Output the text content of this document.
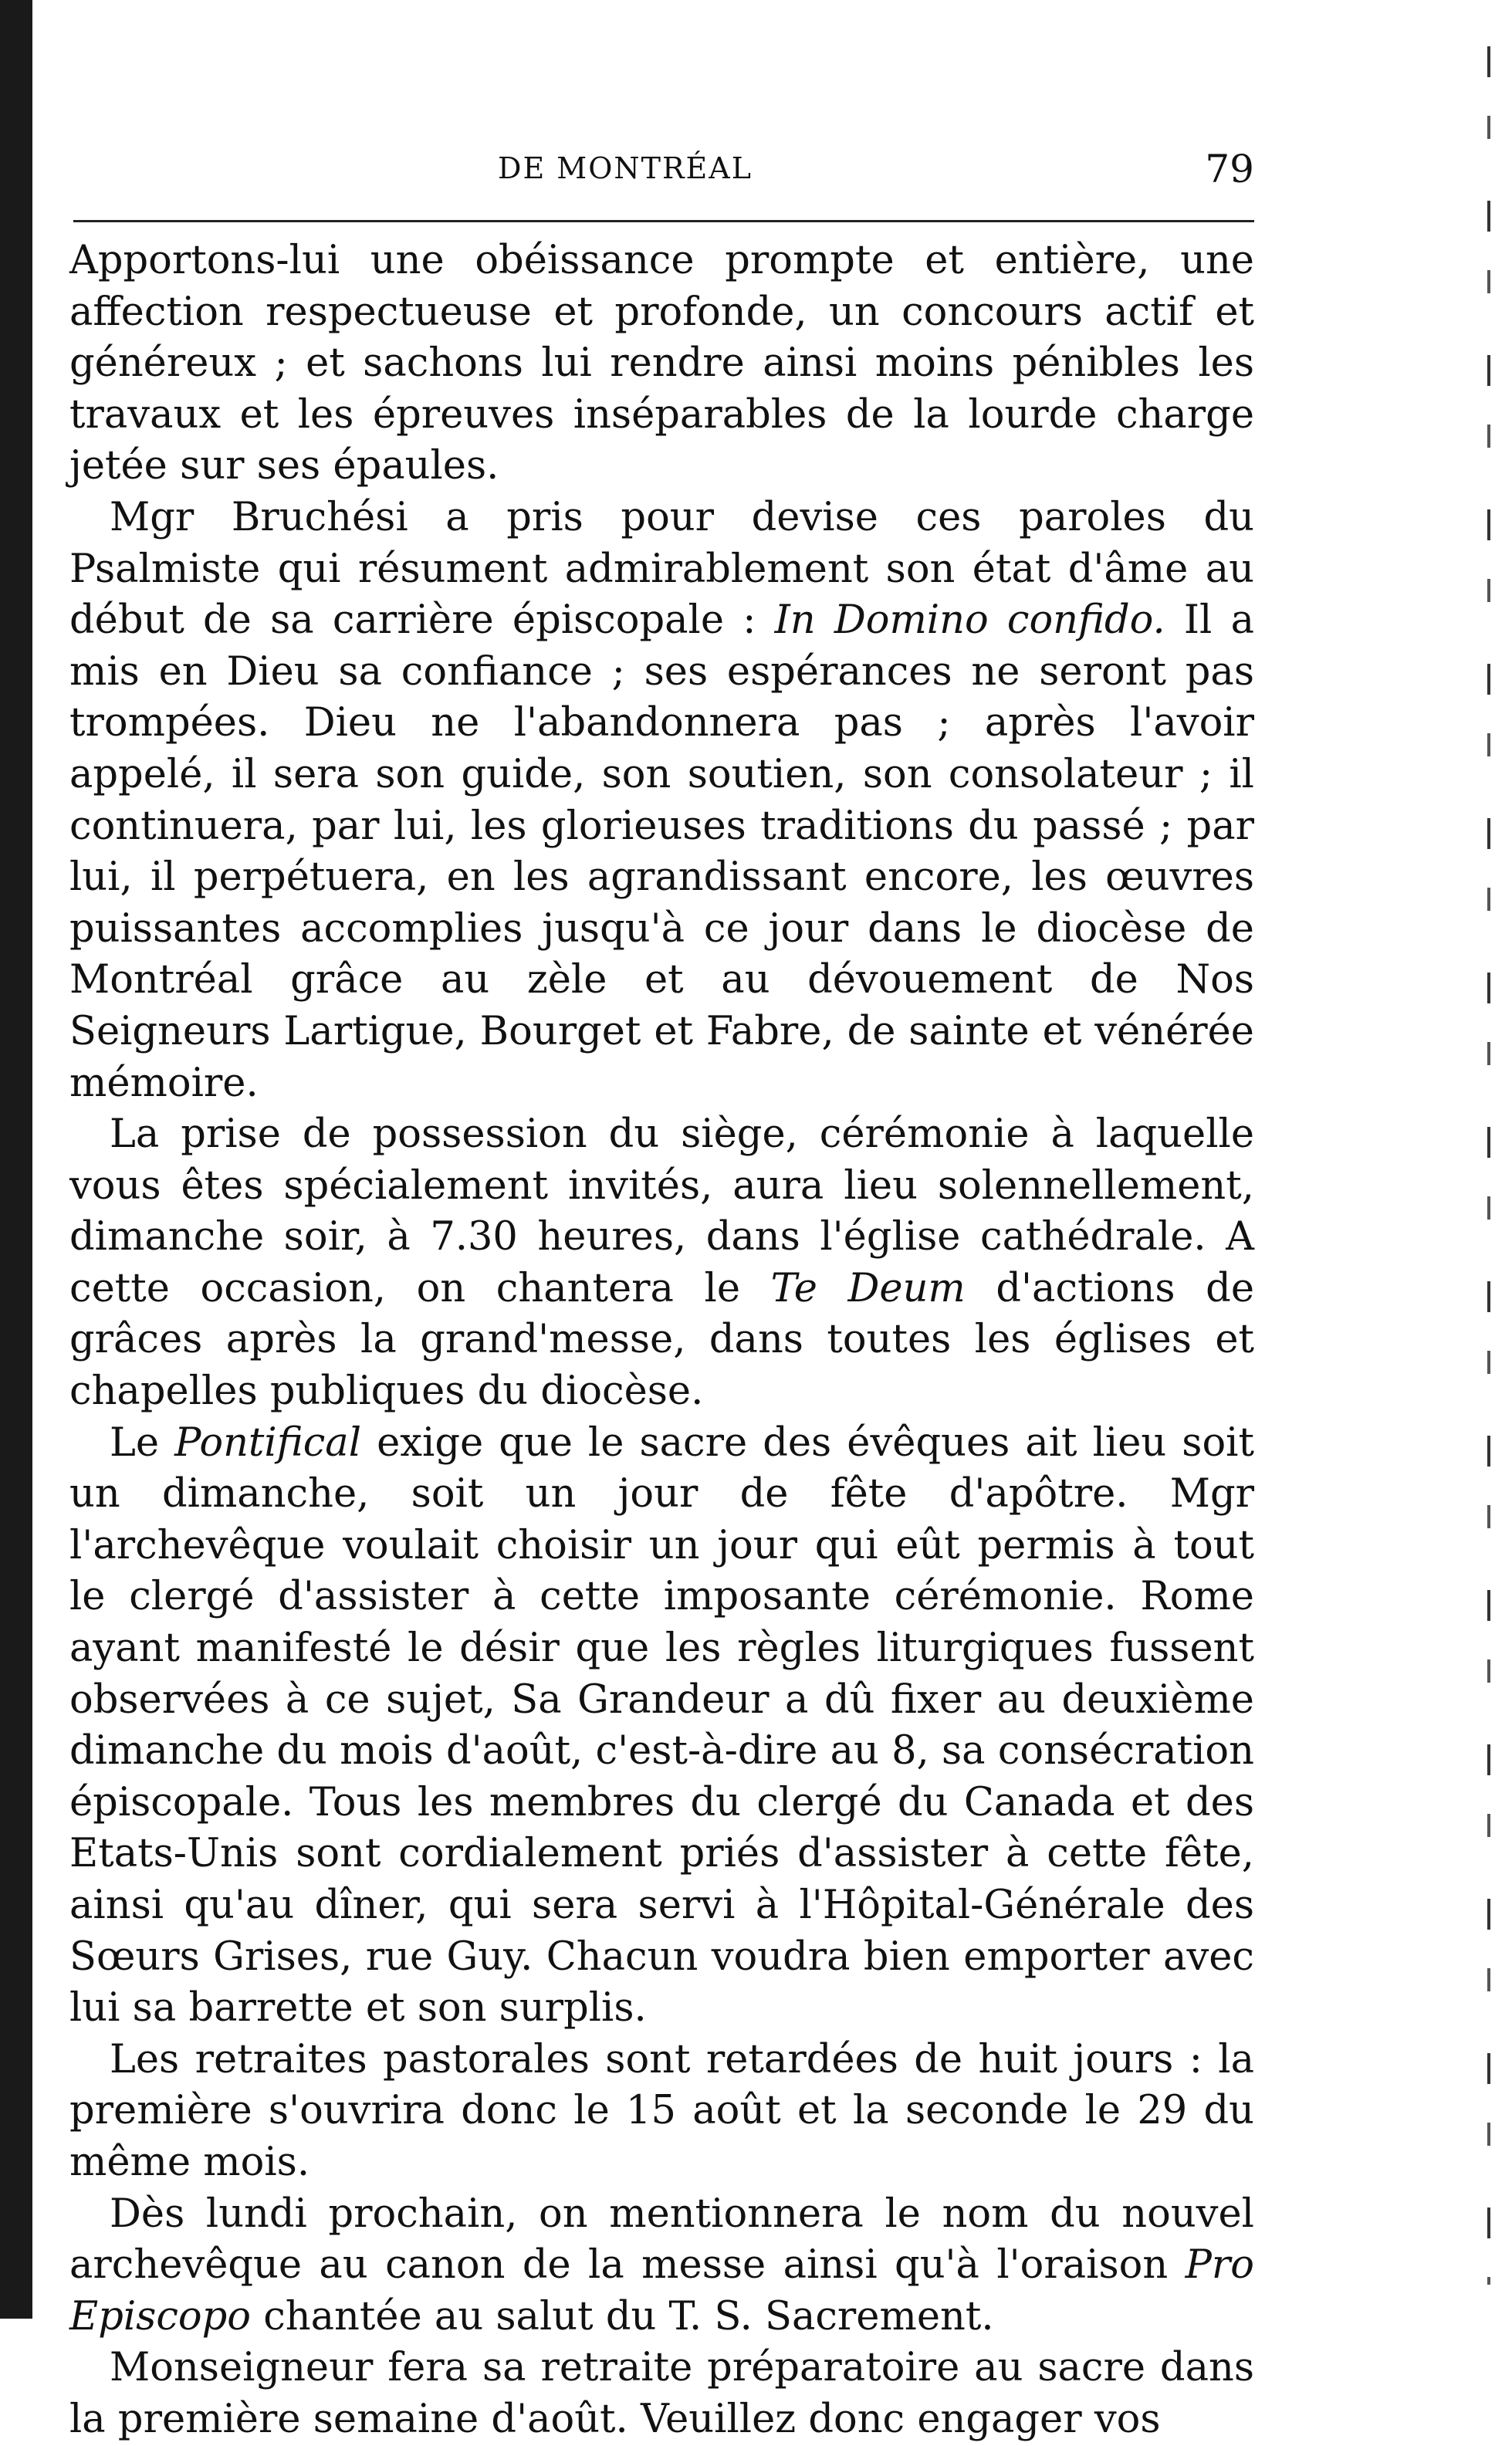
DE MONTRÉAL	79

Apportons-lui une obéissance prompte et entière, une affection respectueuse et profonde, un concours actif et généreux ; et sachons lui rendre ainsi moins pénibles les travaux et les épreuves inséparables de la lourde charge jetée sur ses épaules.

Mgr Bruchési a pris pour devise ces paroles du Psalmiste qui résument admirablement son état d'âme au début de sa carrière épiscopale : In Domino confido. Il a mis en Dieu sa confiance ; ses espérances ne seront pas trompées. Dieu ne l'abandonnera pas ; après l'avoir appelé, il sera son guide, son soutien, son consolateur ; il continuera, par lui, les glorieuses traditions du passé ; par lui, il perpétuera, en les agrandissant encore, les œuvres puissantes accomplies jusqu'à ce jour dans le diocèse de Montréal grâce au zèle et au dévouement de Nos Seigneurs Lartigue, Bourget et Fabre, de sainte et vénérée mémoire.

La prise de possession du siège, cérémonie à laquelle vous êtes spécialement invités, aura lieu solennellement, dimanche soir, à 7.30 heures, dans l'église cathédrale. A cette occasion, on chantera le Te Deum d'actions de grâces après la grand'messe, dans toutes les églises et chapelles publiques du diocèse.

Le Pontifical exige que le sacre des évêques ait lieu soit un dimanche, soit un jour de fête d'apôtre. Mgr l'archevêque voulait choisir un jour qui eût permis à tout le clergé d'assister à cette imposante cérémonie. Rome ayant manifesté le désir que les règles liturgiques fussent observées à ce sujet, Sa Grandeur a dû fixer au deuxième dimanche du mois d'août, c'est-à-dire au 8, sa consécration épiscopale. Tous les membres du clergé du Canada et des Etats-Unis sont cordialement priés d'assister à cette fête, ainsi qu'au dîner, qui sera servi à l'Hôpital-Générale des Sœurs Grises, rue Guy. Chacun voudra bien emporter avec lui sa barrette et son surplis.

Les retraites pastorales sont retardées de huit jours : la première s'ouvrira donc le 15 août et la seconde le 29 du même mois.

Dès lundi prochain, on mentionnera le nom du nouvel archevêque au canon de la messe ainsi qu'à l'oraison Pro Episcopo chantée au salut du T. S. Sacrement.

Monseigneur fera sa retraite préparatoire au sacre dans la première semaine d'août. Veuillez donc engager vos
